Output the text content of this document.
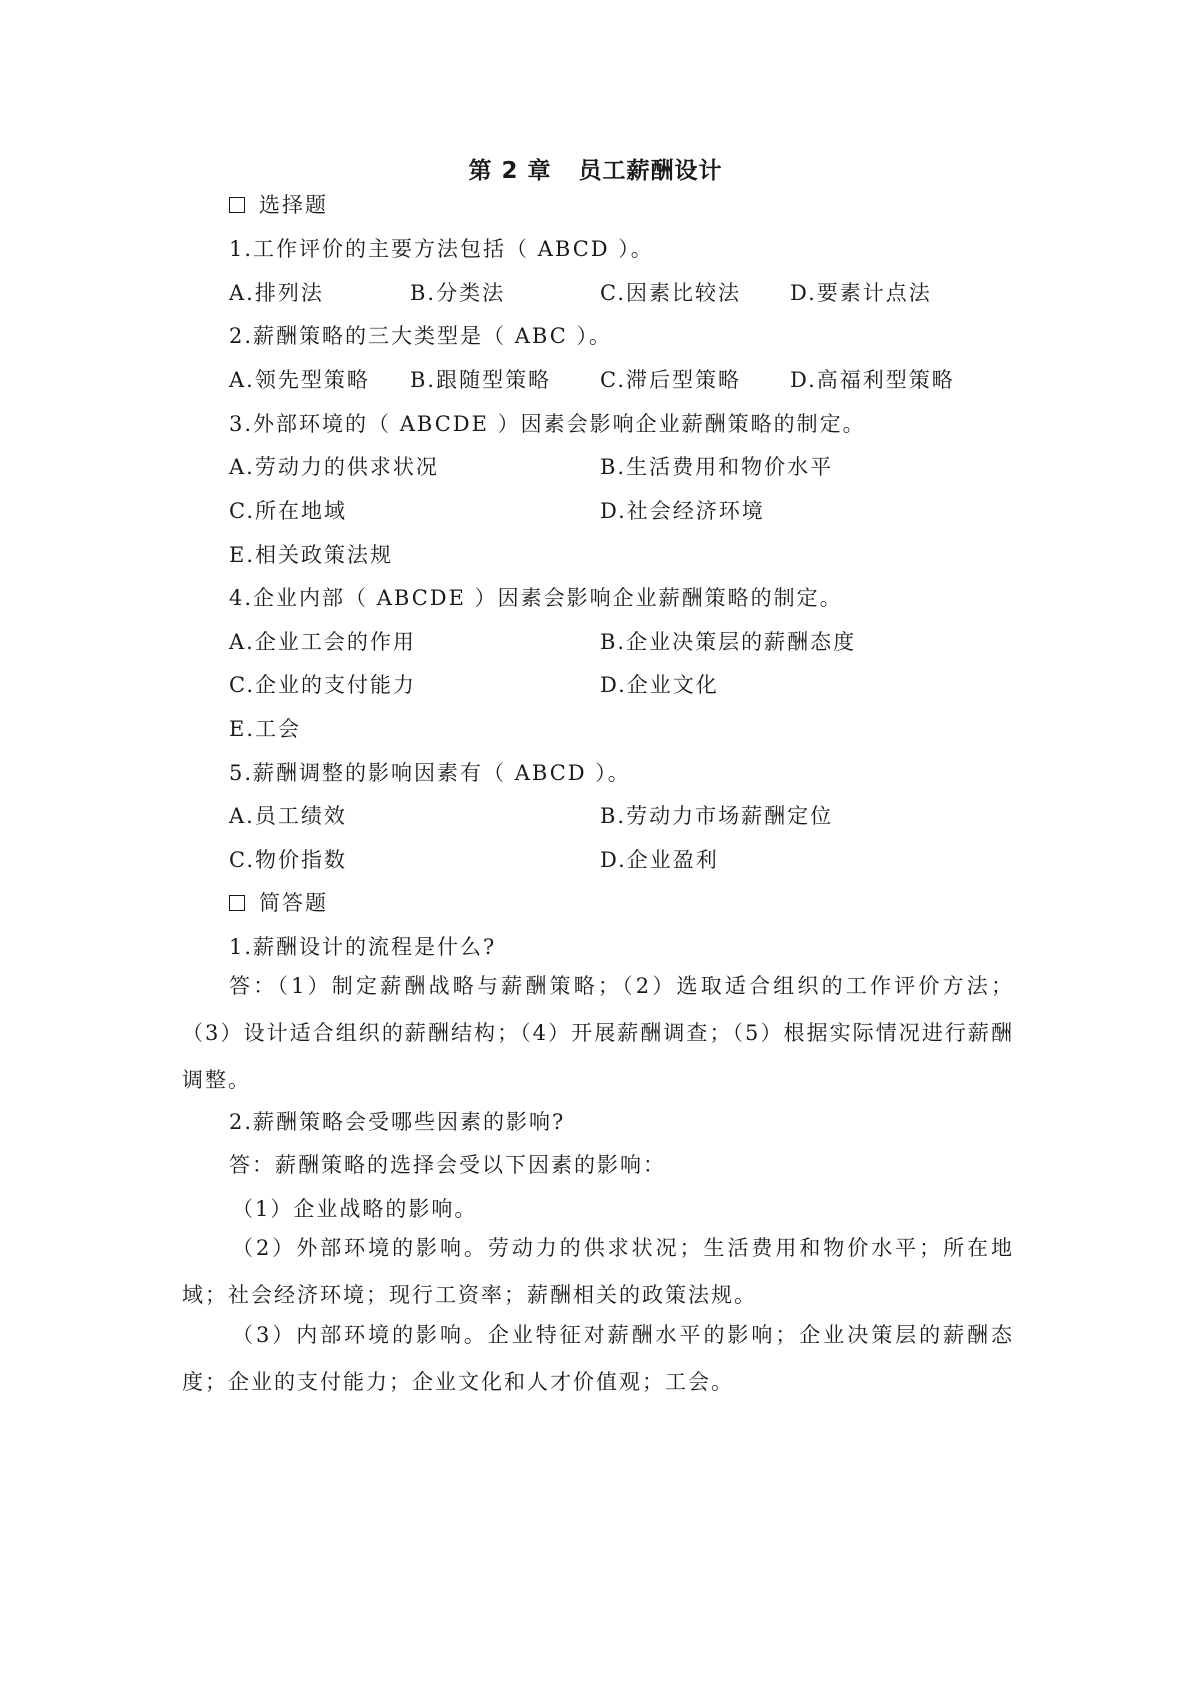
第 2 章   员工薪酬设计
选择题
1.工作评价的主要方法包括（ ABCD ）。
A.排列法	B.分类法	C.因素比较法 D.要素计点法
2.薪酬策略的三大类型是（ ABC ）。
A.领先型策略 B.跟随型策略 C.滞后型策略 D.高福利型策略
3.外部环境的（ ABCDE ）因素会影响企业薪酬策略的制定。
A.劳动力的供求状况	B.生活费用和物价水平
C.所在地域	D.社会经济环境
E.相关政策法规
4.企业内部（ ABCDE ）因素会影响企业薪酬策略的制定。
A.企业工会的作用	B.企业决策层的薪酬态度
C.企业的支付能力	D.企业文化
E.工会
5.薪酬调整的影响因素有（ ABCD ）。
A.员工绩效	B.劳动力市场薪酬定位
C.物价指数	D.企业盈利
简答题
1.薪酬设计的流程是什么?
答：（1）制定薪酬战略与薪酬策略；（2）选取适合组织的工作评价方法；（3）设计适合组织的薪酬结构；（4）开展薪酬调查；（5）根据实际情况进行薪酬调整。
2.薪酬策略会受哪些因素的影响?
答：薪酬策略的选择会受以下因素的影响：
（1）企业战略的影响。
（2）外部环境的影响。劳动力的供求状况；生活费用和物价水平；所在地域；社会经济环境；现行工资率；薪酬相关的政策法规。
（3）内部环境的影响。企业特征对薪酬水平的影响；企业决策层的薪酬态度；企业的支付能力；企业文化和人才价值观；工会。
